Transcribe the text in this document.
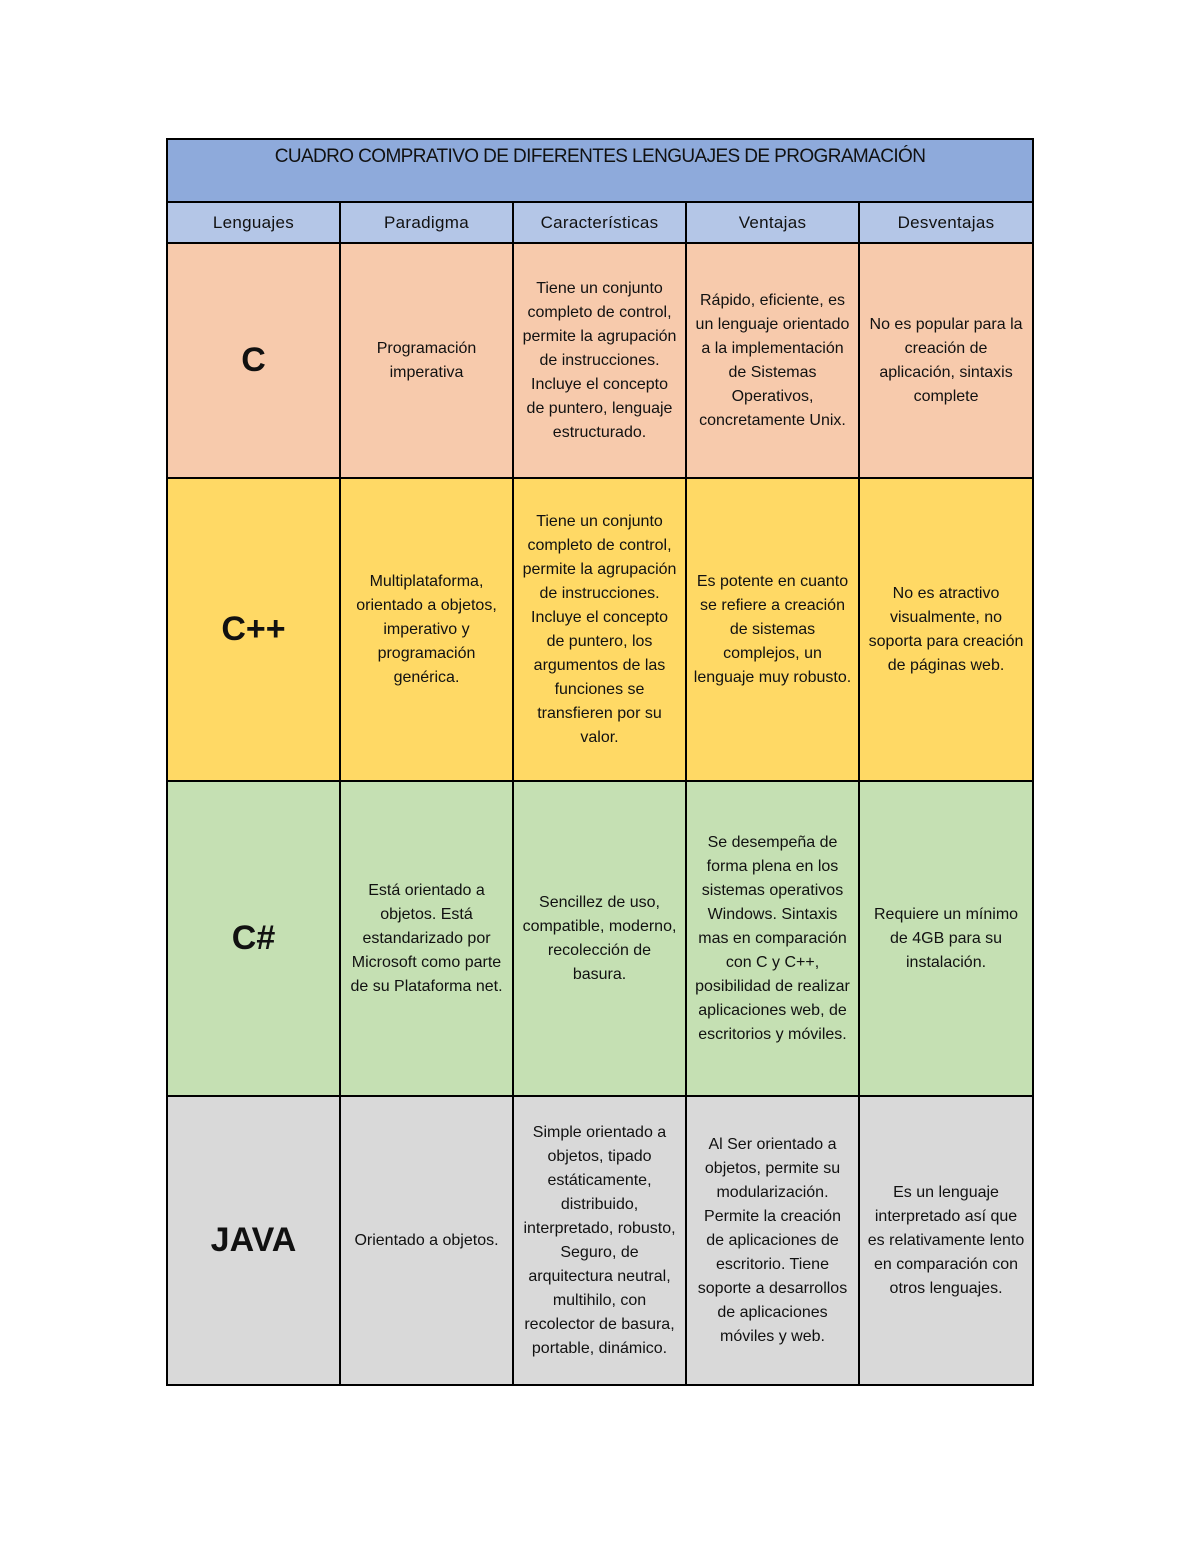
CUADRO COMPRATIVO DE DIFERENTES LENGUAJES DE PROGRAMACIÓN				
Lenguajes	Paradigma	Características	Ventajas	Desventajas
C	Programación imperativa	Tiene un conjunto completo de control, permite la agrupación de instrucciones. Incluye el concepto de puntero, lenguaje estructurado.	Rápido, eficiente, es un lenguaje orientado a la implementación de Sistemas Operativos, concretamente Unix.	No es popular para la creación de aplicación, sintaxis complete
C++	Multiplataforma, orientado a objetos, imperativo y programación genérica.	Tiene un conjunto completo de control, permite la agrupación de instrucciones. Incluye el concepto de puntero, los argumentos de las funciones se transfieren por su valor.	Es potente en cuanto se refiere a creación de sistemas complejos, un lenguaje muy robusto.	No es atractivo visualmente, no soporta para creación de páginas web.
C#	Está orientado a objetos. Está estandarizado por Microsoft como parte de su Plataforma net.	Sencillez de uso, compatible, moderno, recolección de basura.	Se desempeña de forma plena en los sistemas operativos Windows. Sintaxis mas en comparación con C y C++, posibilidad de realizar aplicaciones web, de escritorios y móviles.	Requiere un mínimo de 4GB para su instalación.
JAVA	Orientado a objetos.	Simple orientado a objetos, tipado estáticamente, distribuido, interpretado, robusto, Seguro, de arquitectura neutral, multihilo, con recolector de basura, portable, dinámico.	Al Ser orientado a objetos, permite su modularización. Permite la creación de aplicaciones de escritorio. Tiene soporte a desarrollos de aplicaciones móviles y web.	Es un lenguaje interpretado así que es relativamente lento en comparación con otros lenguajes.
